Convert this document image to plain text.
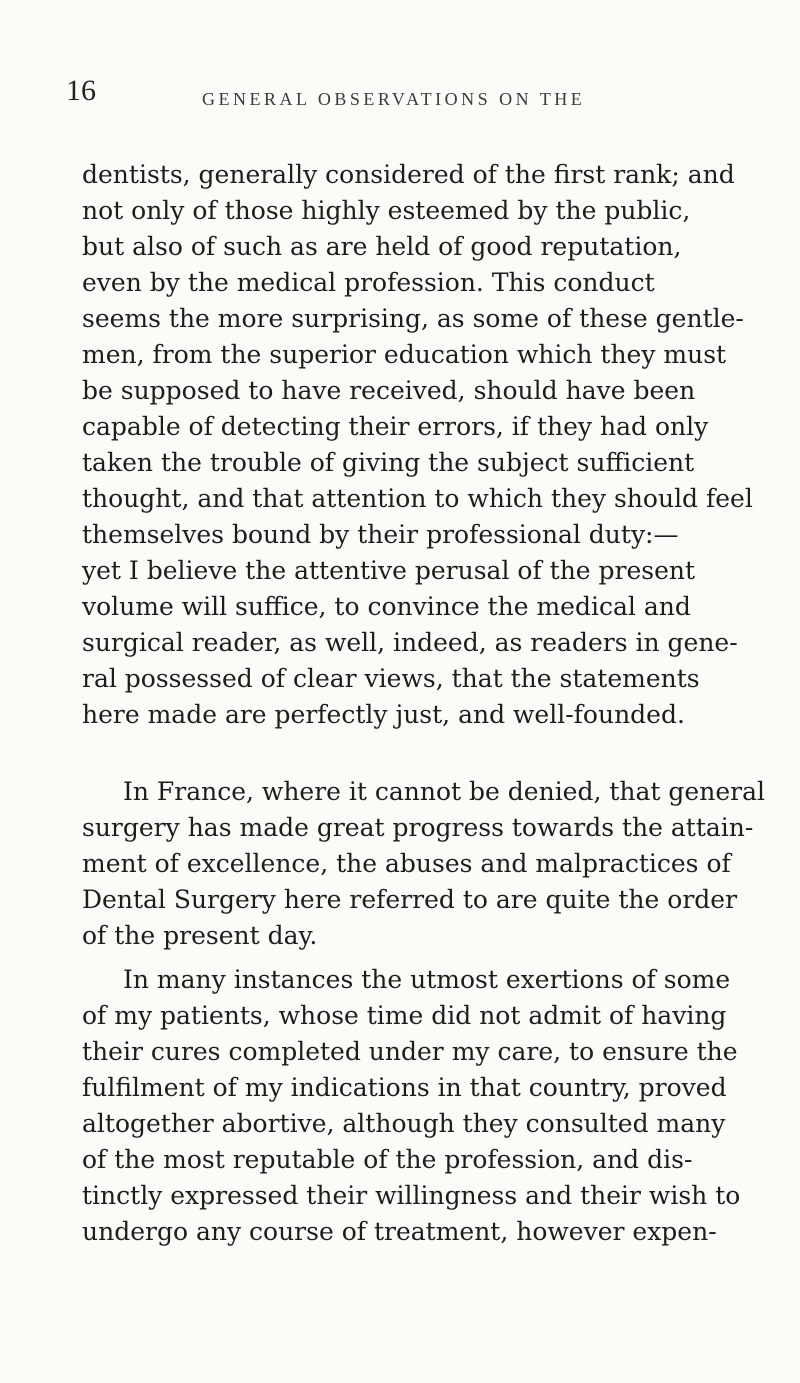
16	GENERAL OBSERVATIONS ON THE
dentists, generally considered of the first rank; and
not only of those highly esteemed by the public,
but also of such as are held of good reputation,
even by the medical profession. This conduct
seems the more surprising, as some of these gentle-
men, from the superior education which they must
be supposed to have received, should have been
capable of detecting their errors, if they had only
taken the trouble of giving the subject sufficient
thought, and that attention to which they should feel
themselves bound by their professional duty:—
yet I believe the attentive perusal of the present
volume will suffice, to convince the medical and
surgical reader, as well, indeed, as readers in gene-
ral possessed of clear views, that the statements
here made are perfectly just, and well-founded.
In France, where it cannot be denied, that general
surgery has made great progress towards the attain-
ment of excellence, the abuses and malpractices of
Dental Surgery here referred to are quite the order
of the present day.
In many instances the utmost exertions of some
of my patients, whose time did not admit of having
their cures completed under my care, to ensure the
fulfilment of my indications in that country, proved
altogether abortive, although they consulted many
of the most reputable of the profession, and dis-
tinctly expressed their willingness and their wish to
undergo any course of treatment, however expen-
